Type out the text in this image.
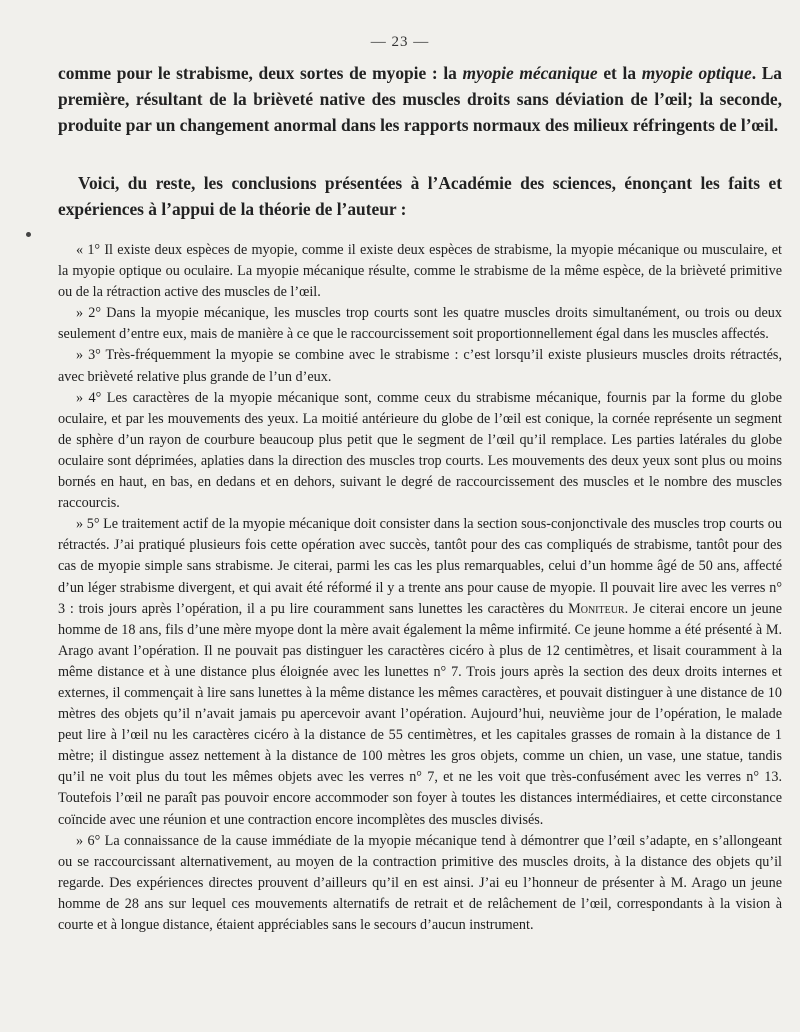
— 23 —

comme pour le strabisme, deux sortes de myopie : la myopie mécanique et la myopie optique. La première, résultant de la brièveté native des muscles droits sans déviation de l’œil; la seconde, produite par un changement anormal dans les rapports normaux des milieux réfringents de l’œil.

Voici, du reste, les conclusions présentées à l’Académie des sciences, énonçant les faits et expériences à l’appui de la théorie de l’auteur :

« 1° Il existe deux espèces de myopie, comme il existe deux espèces de strabisme, la myopie mécanique ou musculaire, et la myopie optique ou oculaire. La myopie mécanique résulte, comme le strabisme de la même espèce, de la brièveté primitive ou de la rétraction active des muscles de l’œil.

» 2° Dans la myopie mécanique, les muscles trop courts sont les quatre muscles droits simultanément, ou trois ou deux seulement d’entre eux, mais de manière à ce que le raccourcissement soit proportionnellement égal dans les muscles affectés.

» 3° Très-fréquemment la myopie se combine avec le strabisme : c’est lorsqu’il existe plusieurs muscles droits rétractés, avec brièveté relative plus grande de l’un d’eux.

» 4° Les caractères de la myopie mécanique sont, comme ceux du strabisme mécanique, fournis par la forme du globe oculaire, et par les mouvements des yeux. La moitié antérieure du globe de l’œil est conique, la cornée représente un segment de sphère d’un rayon de courbure beaucoup plus petit que le segment de l’œil qu’il remplace. Les parties latérales du globe oculaire sont déprimées, aplaties dans la direction des muscles trop courts. Les mouvements des deux yeux sont plus ou moins bornés en haut, en bas, en dedans et en dehors, suivant le degré de raccourcissement des muscles et le nombre des muscles raccourcis.

» 5° Le traitement actif de la myopie mécanique doit consister dans la section sous-conjonctivale des muscles trop courts ou rétractés. J’ai pratiqué plusieurs fois cette opération avec succès, tantôt pour des cas compliqués de strabisme, tantôt pour des cas de myopie simple sans strabisme. Je citerai, parmi les cas les plus remarquables, celui d’un homme âgé de 50 ans, affecté d’un léger strabisme divergent, et qui avait été réformé il y a trente ans pour cause de myopie. Il pouvait lire avec les verres n° 3 : trois jours après l’opération, il a pu lire couramment sans lunettes les caractères du Moniteur. Je citerai encore un jeune homme de 18 ans, fils d’une mère myope dont la mère avait également la même infirmité. Ce jeune homme a été présenté à M. Arago avant l’opération. Il ne pouvait pas distinguer les caractères cicéro à plus de 12 centimètres, et lisait couramment à la même distance et à une distance plus éloignée avec les lunettes n° 7. Trois jours après la section des deux droits internes et externes, il commençait à lire sans lunettes à la même distance les mêmes caractères, et pouvait distinguer à une distance de 10 mètres des objets qu’il n’avait jamais pu apercevoir avant l’opération. Aujourd’hui, neuvième jour de l’opération, le malade peut lire à l’œil nu les caractères cicéro à la distance de 55 centimètres, et les capitales grasses de romain à la distance de 1 mètre; il distingue assez nettement à la distance de 100 mètres les gros objets, comme un chien, un vase, une statue, tandis qu’il ne voit plus du tout les mêmes objets avec les verres n° 7, et ne les voit que très-confusément avec les verres n° 13. Toutefois l’œil ne paraît pas pouvoir encore accommoder son foyer à toutes les distances intermédiaires, et cette circonstance coïncide avec une réunion et une contraction encore incomplètes des muscles divisés.

» 6° La connaissance de la cause immédiate de la myopie mécanique tend à démontrer que l’œil s’adapte, en s’allongeant ou se raccourcissant alternativement, au moyen de la contraction primitive des muscles droits, à la distance des objets qu’il regarde. Des expériences directes prouvent d’ailleurs qu’il en est ainsi. J’ai eu l’honneur de présenter à M. Arago un jeune homme de 28 ans sur lequel ces mouvements alternatifs de retrait et de relâchement de l’œil, correspondants à la vision à courte et à longue distance, étaient appréciables sans le secours d’aucun instrument.
